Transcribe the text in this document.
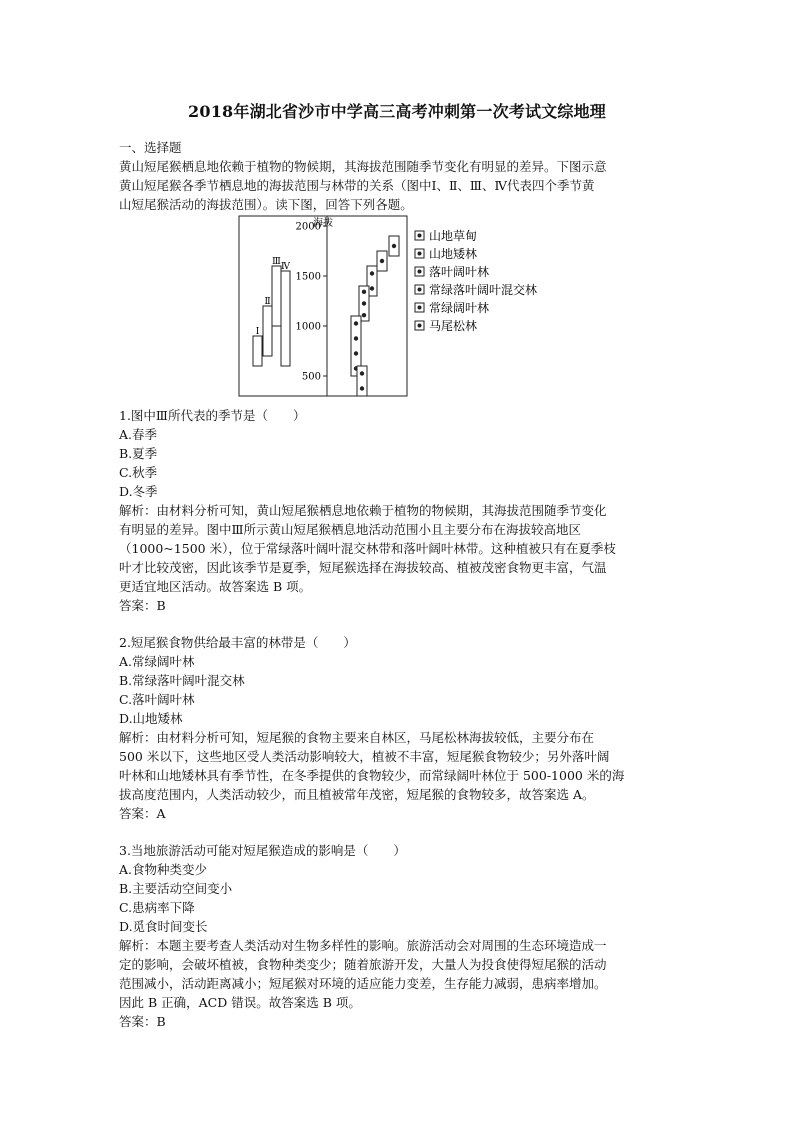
2018年湖北省沙市中学高三高考冲刺第一次考试文综地理
一、选择题
黄山短尾猴栖息地依赖于植物的物候期，其海拔范围随季节变化有明显的差异。下图示意
黄山短尾猴各季节栖息地的海拔范围与林带的关系（图中Ⅰ、Ⅱ、Ⅲ、Ⅳ代表四个季节黄
山短尾猴活动的海拔范围）。读下图，回答下列各题。
海拔
500
1000
1500
2000
Ⅰ
Ⅱ
Ⅲ Ⅳ
山地草甸
山地矮林
落叶阔叶林
常绿落叶阔叶混交林
常绿阔叶林
马尾松林
1.图中Ⅲ所代表的季节是（　　）
A.春季
B.夏季
C.秋季
D.冬季
解析：由材料分析可知，黄山短尾猴栖息地依赖于植物的物候期，其海拔范围随季节变化
有明显的差异。图中Ⅲ所示黄山短尾猴栖息地活动范围小且主要分布在海拔较高地区
（1000~1500 米），位于常绿落叶阔叶混交林带和落叶阔叶林带。这种植被只有在夏季枝
叶才比较茂密，因此该季节是夏季，短尾猴选择在海拔较高、植被茂密食物更丰富，气温
更适宜地区活动。故答案选 B 项。
答案：B
2.短尾猴食物供给最丰富的林带是（　　）
A.常绿阔叶林
B.常绿落叶阔叶混交林
C.落叶阔叶林
D.山地矮林
解析：由材料分析可知，短尾猴的食物主要来自林区，马尾松林海拔较低，主要分布在
500 米以下，这些地区受人类活动影响较大，植被不丰富，短尾猴食物较少；另外落叶阔
叶林和山地矮林具有季节性，在冬季提供的食物较少，而常绿阔叶林位于 500-1000 米的海
拔高度范围内，人类活动较少，而且植被常年茂密，短尾猴的食物较多，故答案选 A。
答案：A
3.当地旅游活动可能对短尾猴造成的影响是（　　）
A.食物种类变少
B.主要活动空间变小
C.患病率下降
D.觅食时间变长
解析：本题主要考查人类活动对生物多样性的影响。旅游活动会对周围的生态环境造成一
定的影响，会破坏植被，食物种类变少；随着旅游开发，大量人为投食使得短尾猴的活动
范围减小，活动距离减小；短尾猴对环境的适应能力变差，生存能力减弱，患病率增加。
因此 B 正确，ACD 错误。故答案选 B 项。
答案：B
